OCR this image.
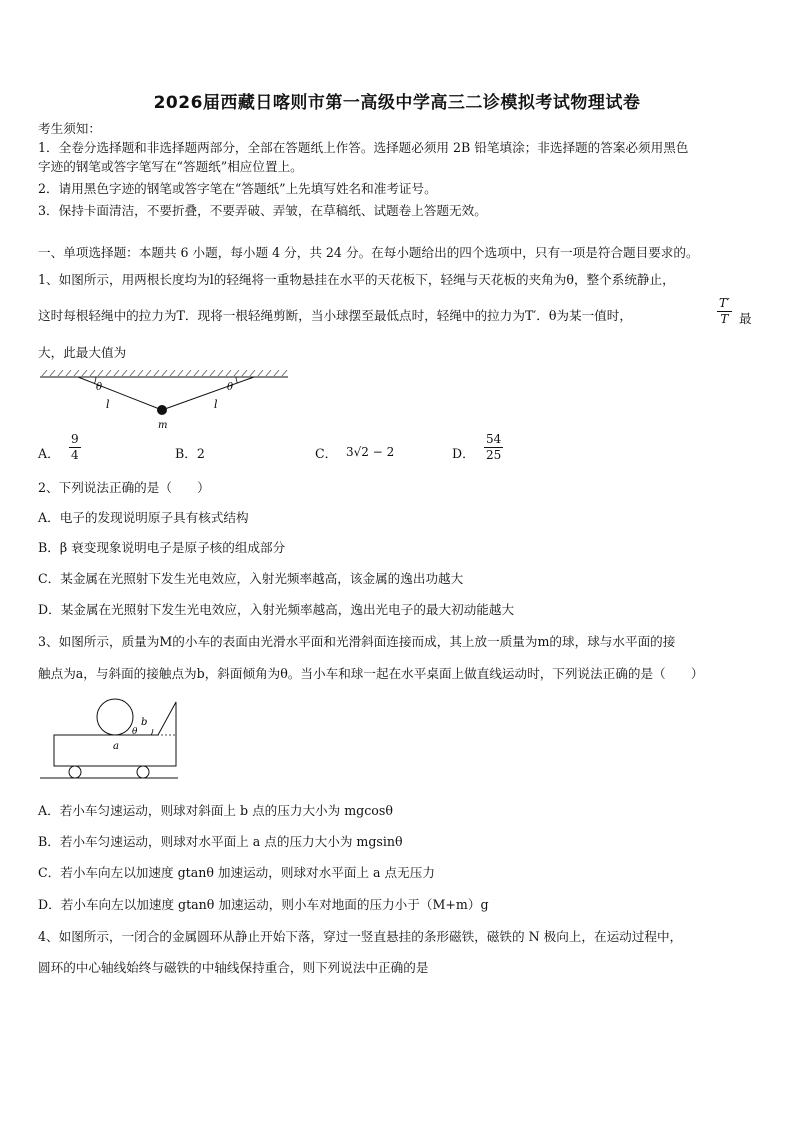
2026届西藏日喀则市第一高级中学高三二诊模拟考试物理试卷
考生须知：
1．全卷分选择题和非选择题两部分，全部在答题纸上作答。选择题必须用 2B 铅笔填涂；非选择题的答案必须用黑色
字迹的钢笔或答字笔写在“答题纸”相应位置上。
2．请用黑色字迹的钢笔或答字笔在“答题纸”上先填写姓名和准考证号。
3．保持卡面清洁，不要折叠，不要弄破、弄皱，在草稿纸、试题卷上答题无效。
一、单项选择题：本题共 6 小题，每小题 4 分，共 24 分。在每小题给出的四个选项中，只有一项是符合题目要求的。
1、如图所示，用两根长度均为l的轻绳将一重物悬挂在水平的天花板下，轻绳与天花板的夹角为θ，整个系统静止，
这时每根轻绳中的拉力为T．现将一根轻绳剪断，当小球摆至最低点时，轻绳中的拉力为T′．θ为某一值时，	$\frac{T'}{T}$ 最
大，此最大值为
θ	θ
l	l
m
A． $\frac{9}{4}$	B．2	C． 3√2 − 2	D． $\frac{54}{25}$
2、下列说法正确的是（　　）
A．电子的发现说明原子具有核式结构
B．β 衰变现象说明电子是原子核的组成部分
C．某金属在光照射下发生光电效应，入射光频率越高，该金属的逸出功越大
D．某金属在光照射下发生光电效应，入射光频率越高，逸出光电子的最大初动能越大
3、如图所示，质量为M的小车的表面由光滑水平面和光滑斜面连接而成，其上放一质量为m的球，球与水平面的接
触点为a，与斜面的接触点为b，斜面倾角为θ。当小车和球一起在水平桌面上做直线运动时，下列说法正确的是（　　）
a
b
θ
A．若小车匀速运动，则球对斜面上 b 点的压力大小为 mgcosθ
B．若小车匀速运动，则球对水平面上 a 点的压力大小为 mgsinθ
C．若小车向左以加速度 gtanθ 加速运动，则球对水平面上 a 点无压力
D．若小车向左以加速度 gtanθ 加速运动，则小车对地面的压力小于（M+m）g
4、如图所示，一闭合的金属圆环从静止开始下落，穿过一竖直悬挂的条形磁铁，磁铁的 N 极向上，在运动过程中，
圆环的中心轴线始终与磁铁的中轴线保持重合，则下列说法中正确的是
